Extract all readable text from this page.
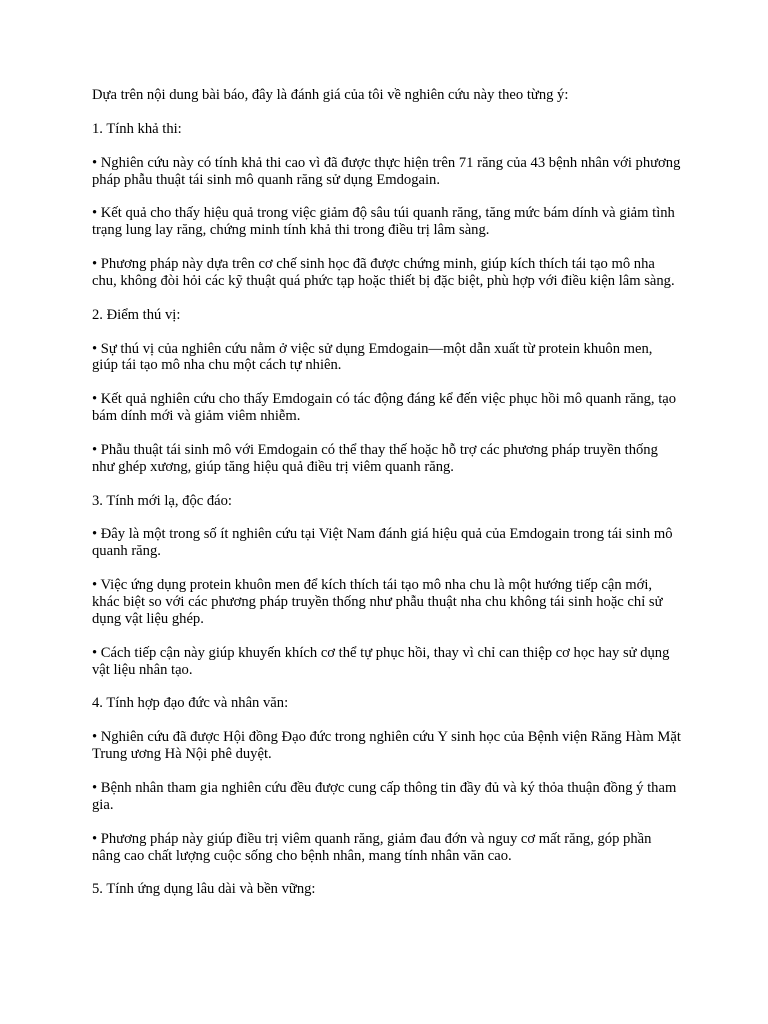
Dựa trên nội dung bài báo, đây là đánh giá của tôi về nghiên cứu này theo từng ý:

1. Tính khả thi:

• Nghiên cứu này có tính khả thi cao vì đã được thực hiện trên 71 răng của 43 bệnh nhân với phương pháp phẫu thuật tái sinh mô quanh răng sử dụng Emdogain.

• Kết quả cho thấy hiệu quả trong việc giảm độ sâu túi quanh răng, tăng mức bám dính và giảm tình trạng lung lay răng, chứng minh tính khả thi trong điều trị lâm sàng.

• Phương pháp này dựa trên cơ chế sinh học đã được chứng minh, giúp kích thích tái tạo mô nha chu, không đòi hỏi các kỹ thuật quá phức tạp hoặc thiết bị đặc biệt, phù hợp với điều kiện lâm sàng.

2. Điểm thú vị:

• Sự thú vị của nghiên cứu nằm ở việc sử dụng Emdogain—một dẫn xuất từ protein khuôn men, giúp tái tạo mô nha chu một cách tự nhiên.

• Kết quả nghiên cứu cho thấy Emdogain có tác động đáng kể đến việc phục hồi mô quanh răng, tạo bám dính mới và giảm viêm nhiễm.

• Phẫu thuật tái sinh mô với Emdogain có thể thay thế hoặc hỗ trợ các phương pháp truyền thống như ghép xương, giúp tăng hiệu quả điều trị viêm quanh răng.

3. Tính mới lạ, độc đáo:

• Đây là một trong số ít nghiên cứu tại Việt Nam đánh giá hiệu quả của Emdogain trong tái sinh mô quanh răng.

• Việc ứng dụng protein khuôn men để kích thích tái tạo mô nha chu là một hướng tiếp cận mới, khác biệt so với các phương pháp truyền thống như phẫu thuật nha chu không tái sinh hoặc chỉ sử dụng vật liệu ghép.

• Cách tiếp cận này giúp khuyến khích cơ thể tự phục hồi, thay vì chỉ can thiệp cơ học hay sử dụng vật liệu nhân tạo.

4. Tính hợp đạo đức và nhân văn:

• Nghiên cứu đã được Hội đồng Đạo đức trong nghiên cứu Y sinh học của Bệnh viện Răng Hàm Mặt Trung ương Hà Nội phê duyệt.

• Bệnh nhân tham gia nghiên cứu đều được cung cấp thông tin đầy đủ và ký thỏa thuận đồng ý tham gia.

• Phương pháp này giúp điều trị viêm quanh răng, giảm đau đớn và nguy cơ mất răng, góp phần nâng cao chất lượng cuộc sống cho bệnh nhân, mang tính nhân văn cao.

5. Tính ứng dụng lâu dài và bền vững:
